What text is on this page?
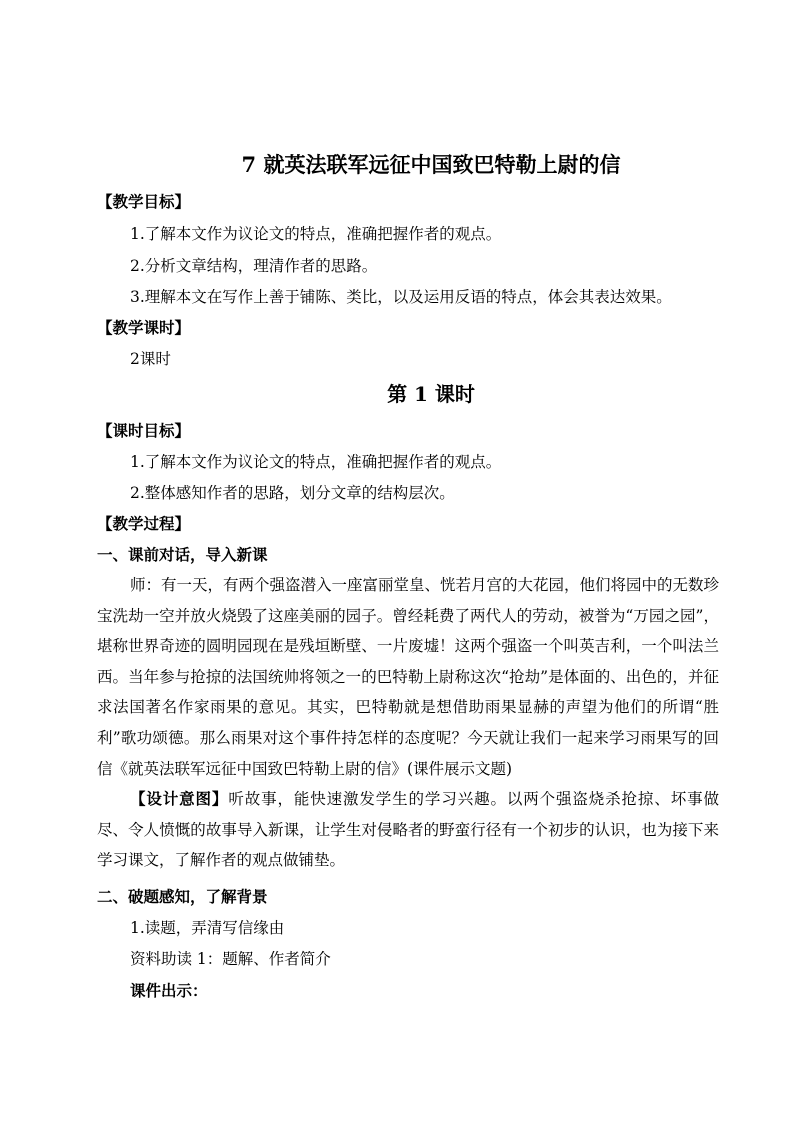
7 就英法联军远征中国致巴特勒上尉的信
【教学目标】
1.了解本文作为议论文的特点，准确把握作者的观点。
2.分析文章结构，理清作者的思路。
3.理解本文在写作上善于铺陈、类比，以及运用反语的特点，体会其表达效果。
【教学课时】
2课时
第 1 课时
【课时目标】
1.了解本文作为议论文的特点，准确把握作者的观点。
2.整体感知作者的思路，划分文章的结构层次。
【教学过程】
一、课前对话，导入新课
师：有一天，有两个强盗潜入一座富丽堂皇、恍若月宫的大花园，他们将园中的无数珍宝洗劫一空并放火烧毁了这座美丽的园子。曾经耗费了两代人的劳动，被誉为“万园之园”，堪称世界奇迹的圆明园现在是残垣断壁、一片废墟！这两个强盗一个叫英吉利，一个叫法兰西。当年参与抢掠的法国统帅将领之一的巴特勒上尉称这次“抢劫”是体面的、出色的，并征求法国著名作家雨果的意见。其实，巴特勒就是想借助雨果显赫的声望为他们的所谓“胜利”歌功颂德。那么雨果对这个事件持怎样的态度呢？今天就让我们一起来学习雨果写的回信《就英法联军远征中国致巴特勒上尉的信》(课件展示文题)
【设计意图】听故事，能快速激发学生的学习兴趣。以两个强盗烧杀抢掠、坏事做尽、令人愤慨的故事导入新课，让学生对侵略者的野蛮行径有一个初步的认识，也为接下来学习课文，了解作者的观点做铺垫。
二、破题感知，了解背景
1.读题，弄清写信缘由
资料助读 1：题解、作者简介
课件出示：
